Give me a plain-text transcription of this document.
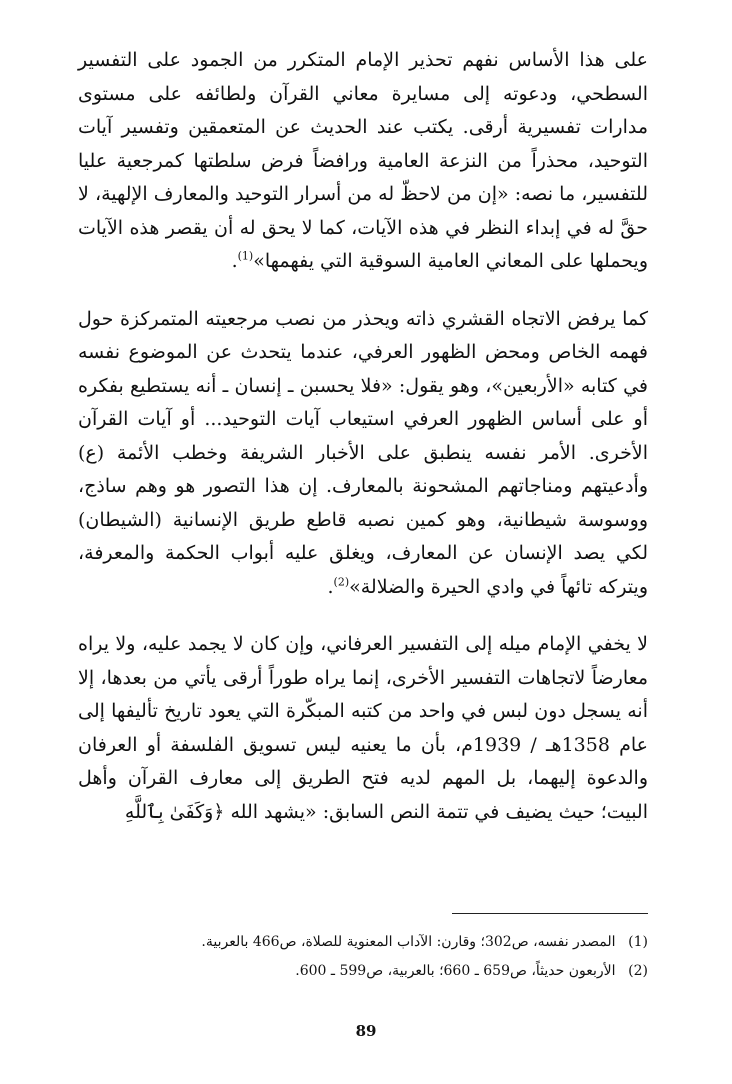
على هذا الأساس نفهم تحذير الإمام المتكرر من الجمود على التفسير السطحي، ودعوته إلى مسايرة معاني القرآن ولطائفه على مستوى مدارات تفسيرية أرقى. يكتب عند الحديث عن المتعمقين وتفسير آيات التوحيد، محذراً من النزعة العامية ورافضاً فرض سلطتها كمرجعية عليا للتفسير، ما نصه: «إن من لاحظّ له من أسرار التوحيد والمعارف الإلهية، لا حقَّ له في إبداء النظر في هذه الآيات، كما لا يحق له أن يقصر هذه الآيات ويحملها على المعاني العامية السوقية التي يفهمها»$^{(1)}$.

كما يرفض الاتجاه القشري ذاته ويحذر من نصب مرجعيته المتمركزة حول فهمه الخاص ومحض الظهور العرفي، عندما يتحدث عن الموضوع نفسه في كتابه «الأربعين»، وهو يقول: «فلا يحسبن ـ إنسان ـ أنه يستطيع بفكره أو على أساس الظهور العرفي استيعاب آيات التوحيد... أو آيات القرآن الأخرى. الأمر نفسه ينطبق على الأخبار الشريفة وخطب الأئمة (ع) وأدعيتهم ومناجاتهم المشحونة بالمعارف. إن هذا التصور هو وهم ساذج، ووسوسة شيطانية، وهو كمين نصبه قاطع طريق الإنسانية (الشيطان) لكي يصد الإنسان عن المعارف، ويغلق عليه أبواب الحكمة والمعرفة، ويتركه تائهاً في وادي الحيرة والضلالة»$^{(2)}$.

لا يخفي الإمام ميله إلى التفسير العرفاني، وإن كان لا يجمد عليه، ولا يراه معارضاً لاتجاهات التفسير الأخرى، إنما يراه طوراً أرقى يأتي من بعدها، إلا أنه يسجل دون لبس في واحد من كتبه المبكّرة التي يعود تاريخ تأليفها إلى عام 1358هـ / 1939م، بأن ما يعنيه ليس تسويق الفلسفة أو العرفان والدعوة إليهما، بل المهم لديه فتح الطريق إلى معارف القرآن وأهل البيت؛ حيث يضيف في تتمة النص السابق: «يشهد الله ﴿وَكَفَىٰ بِٱللَّهِ

(1) المصدر نفسه، ص302؛ وقارن: الآداب المعنوية للصلاة، ص466 بالعربية.
(2) الأربعون حديثاً، ص659 ـ 660؛ بالعربية، ص599 ـ 600.
89
